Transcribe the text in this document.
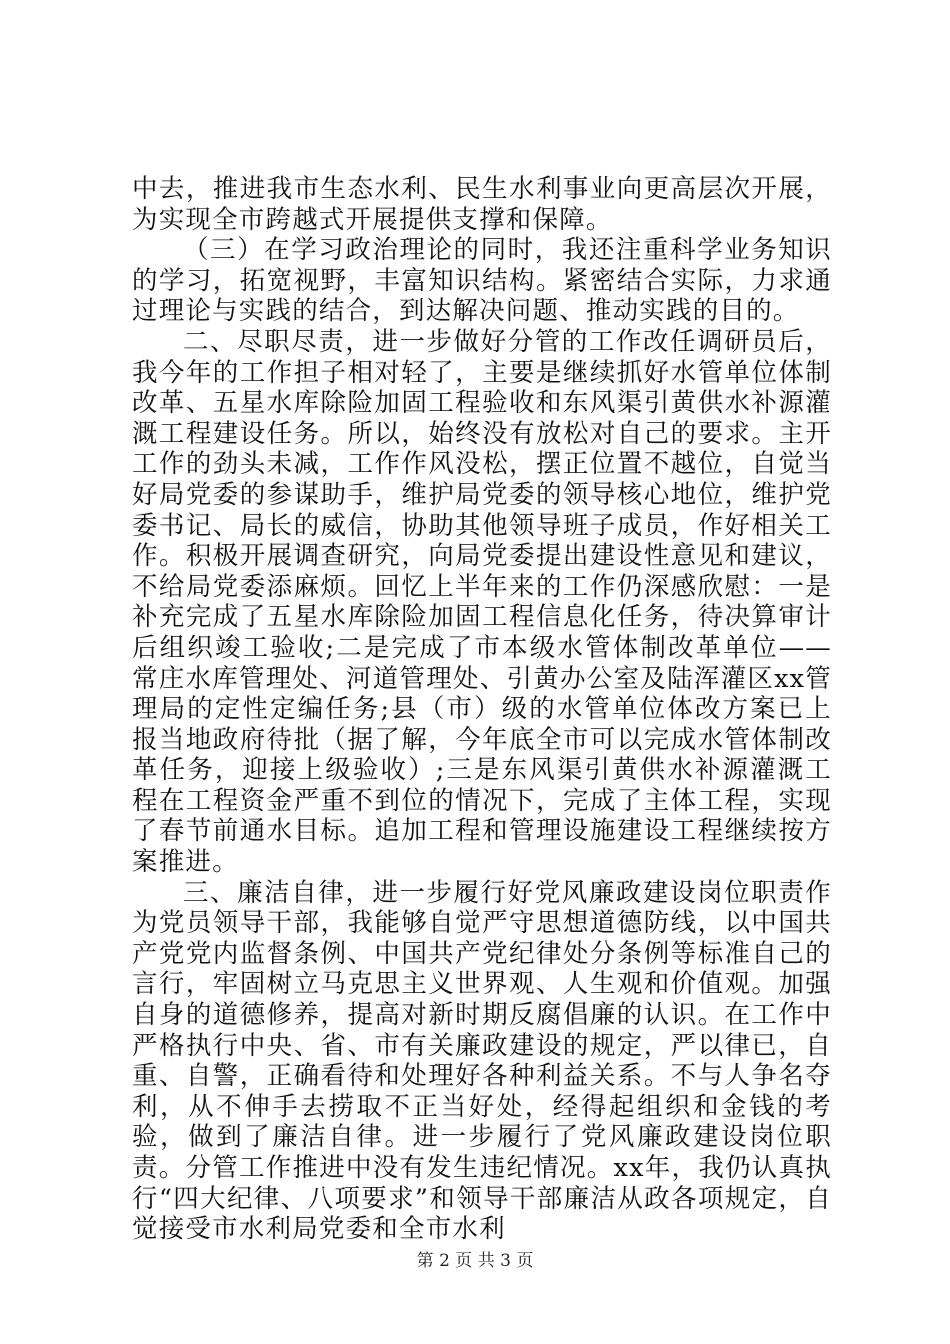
中去，推进我市生态水利、民生水利事业向更高层次开展，为实现全市跨越式开展提供支撑和保障。

（三）在学习政治理论的同时，我还注重科学业务知识的学习，拓宽视野，丰富知识结构。紧密结合实际，力求通过理论与实践的结合，到达解决问题、推动实践的目的。

二、尽职尽责，进一步做好分管的工作改任调研员后，我今年的工作担子相对轻了，主要是继续抓好水管单位体制改革、五星水库除险加固工程验收和东风渠引黄供水补源灌溉工程建设任务。所以，始终没有放松对自己的要求。主开工作的劲头未减，工作作风没松，摆正位置不越位，自觉当好局党委的参谋助手，维护局党委的领导核心地位，维护党委书记、局长的威信，协助其他领导班子成员，作好相关工作。积极开展调查研究，向局党委提出建设性意见和建议，不给局党委添麻烦。回忆上半年来的工作仍深感欣慰：一是补充完成了五星水库除险加固工程信息化任务，待决算审计后组织竣工验收;二是完成了市本级水管体制改革单位——常庄水库管理处、河道管理处、引黄办公室及陆浑灌区xx管理局的定性定编任务;县（市）级的水管单位体改方案已上报当地政府待批（据了解，今年底全市可以完成水管体制改革任务，迎接上级验收）;三是东风渠引黄供水补源灌溉工程在工程资金严重不到位的情况下，完成了主体工程，实现了春节前通水目标。追加工程和管理设施建设工程继续按方案推进。

三、廉洁自律，进一步履行好党风廉政建设岗位职责作为党员领导干部，我能够自觉严守思想道德防线，以中国共产党党内监督条例、中国共产党纪律处分条例等标准自己的言行，牢固树立马克思主义世界观、人生观和价值观。加强自身的道德修养，提高对新时期反腐倡廉的认识。在工作中严格执行中央、省、市有关廉政建设的规定，严以律已，自重、自警，正确看待和处理好各种利益关系。不与人争名夺利，从不伸手去捞取不正当好处，经得起组织和金钱的考验，做到了廉洁自律。进一步履行了党风廉政建设岗位职责。分管工作推进中没有发生违纪情况。xx年，我仍认真执行“四大纪律、八项要求”和领导干部廉洁从政各项规定，自觉接受市水利局党委和全市水利

第 2 页 共 3 页
